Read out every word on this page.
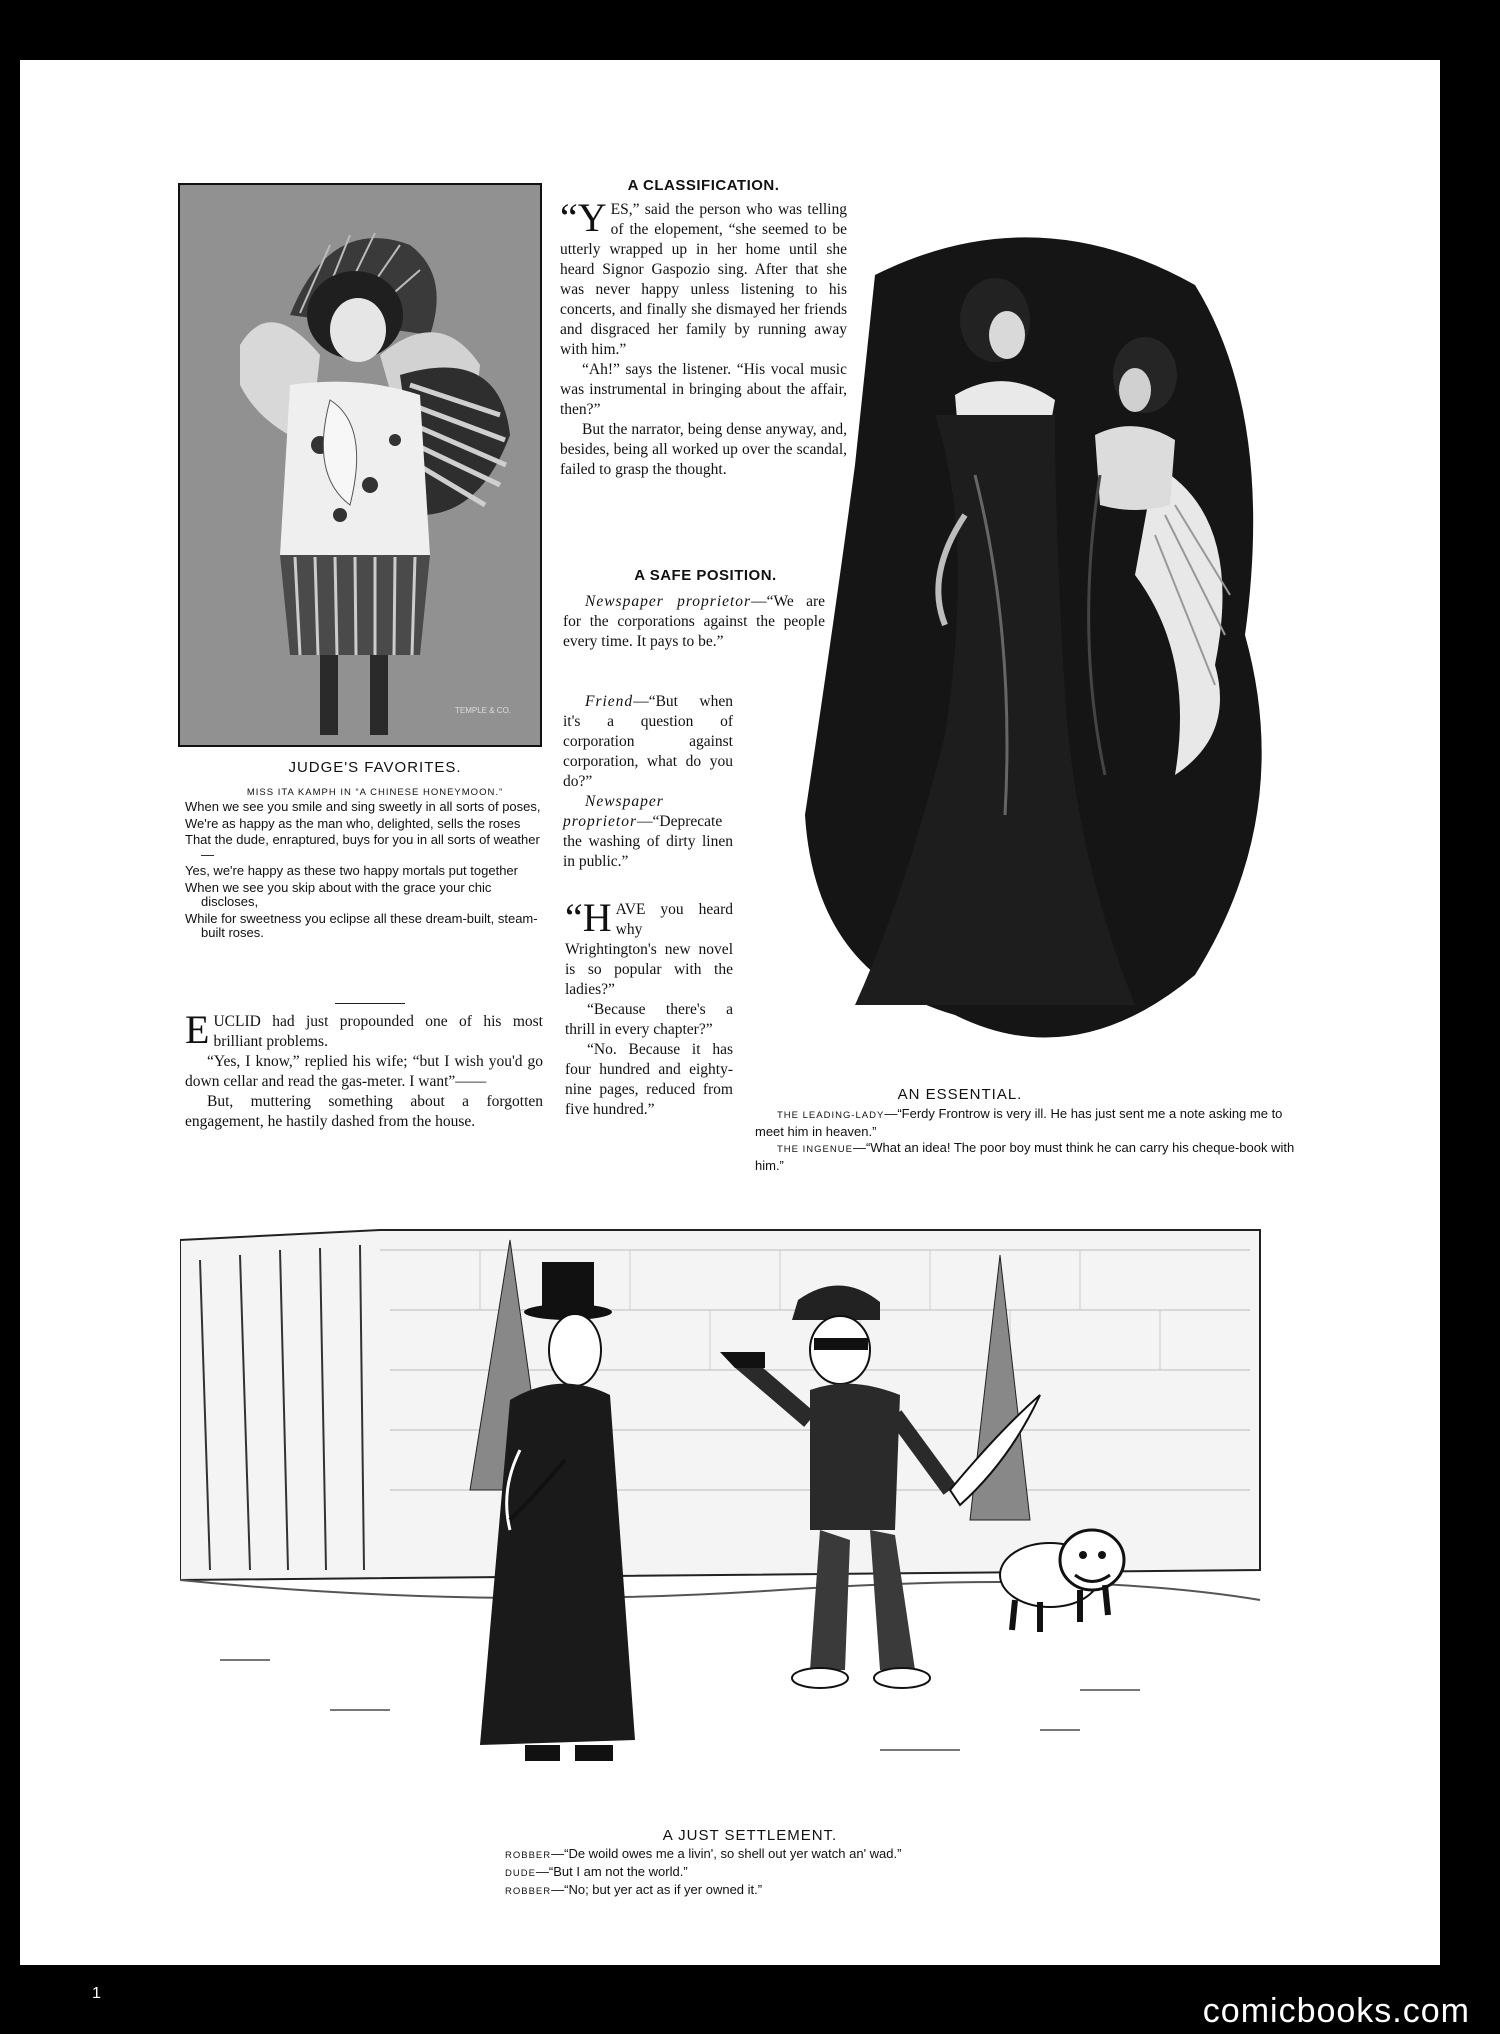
1	comicbooks.com
TEMPLE & CO.
JUDGE'S FAVORITES.
MISS ITA KAMPH IN “A CHINESE HONEYMOON.”
When we see you smile and sing sweetly in all sorts of poses,
We're as happy as the man who, delighted, sells the roses
That the dude, enraptured, buys for you in all sorts of weather—
Yes, we're happy as these two happy mortals put together
When we see you skip about with the grace your chic discloses,
While for sweetness you eclipse all these dream-built, steam-built roses.

EUCLID had just propounded one of his most brilliant problems.

“Yes, I know,” replied his wife; “but I wish you'd go down cellar and read the gas-meter. I want”——

But, muttering something about a forgotten engagement, he hastily dashed from the house.

A CLASSIFICATION.

“YES,” said the person who was telling of the elopement, “she seemed to be utterly wrapped up in her home until she heard Signor Gaspozio sing. After that she was never happy unless listening to his concerts, and finally she dismayed her friends and disgraced her family by running away with him.”

“Ah!” says the listener. “His vocal music was instrumental in bringing about the affair, then?”

But the narrator, being dense anyway, and, besides, being all worked up over the scandal, failed to grasp the thought.

A SAFE POSITION.

Newspaper proprietor—“We are for the corporations against the people every time. It pays to be.”

Friend—“But when it's a question of corporation against corporation, what do you do?”

Newspaper proprietor—“Deprecate the washing of dirty linen in public.”

“HAVE you heard why Wrightington's new novel is so popular with the ladies?”

“Because there's a thrill in every chapter?”

“No. Because it has four hundred and eighty-nine pages, reduced from five hundred.”

AN ESSENTIAL.

THE LEADING-LADY—“Ferdy Frontrow is very ill. He has just sent me a note asking me to meet him in heaven.”

THE INGENUE—“What an idea! The poor boy must think he can carry his cheque-book with him.”

A JUST SETTLEMENT.

ROBBER—“De woild owes me a livin', so shell out yer watch an' wad.”

DUDE—“But I am not the world.”

ROBBER—“No; but yer act as if yer owned it.”
